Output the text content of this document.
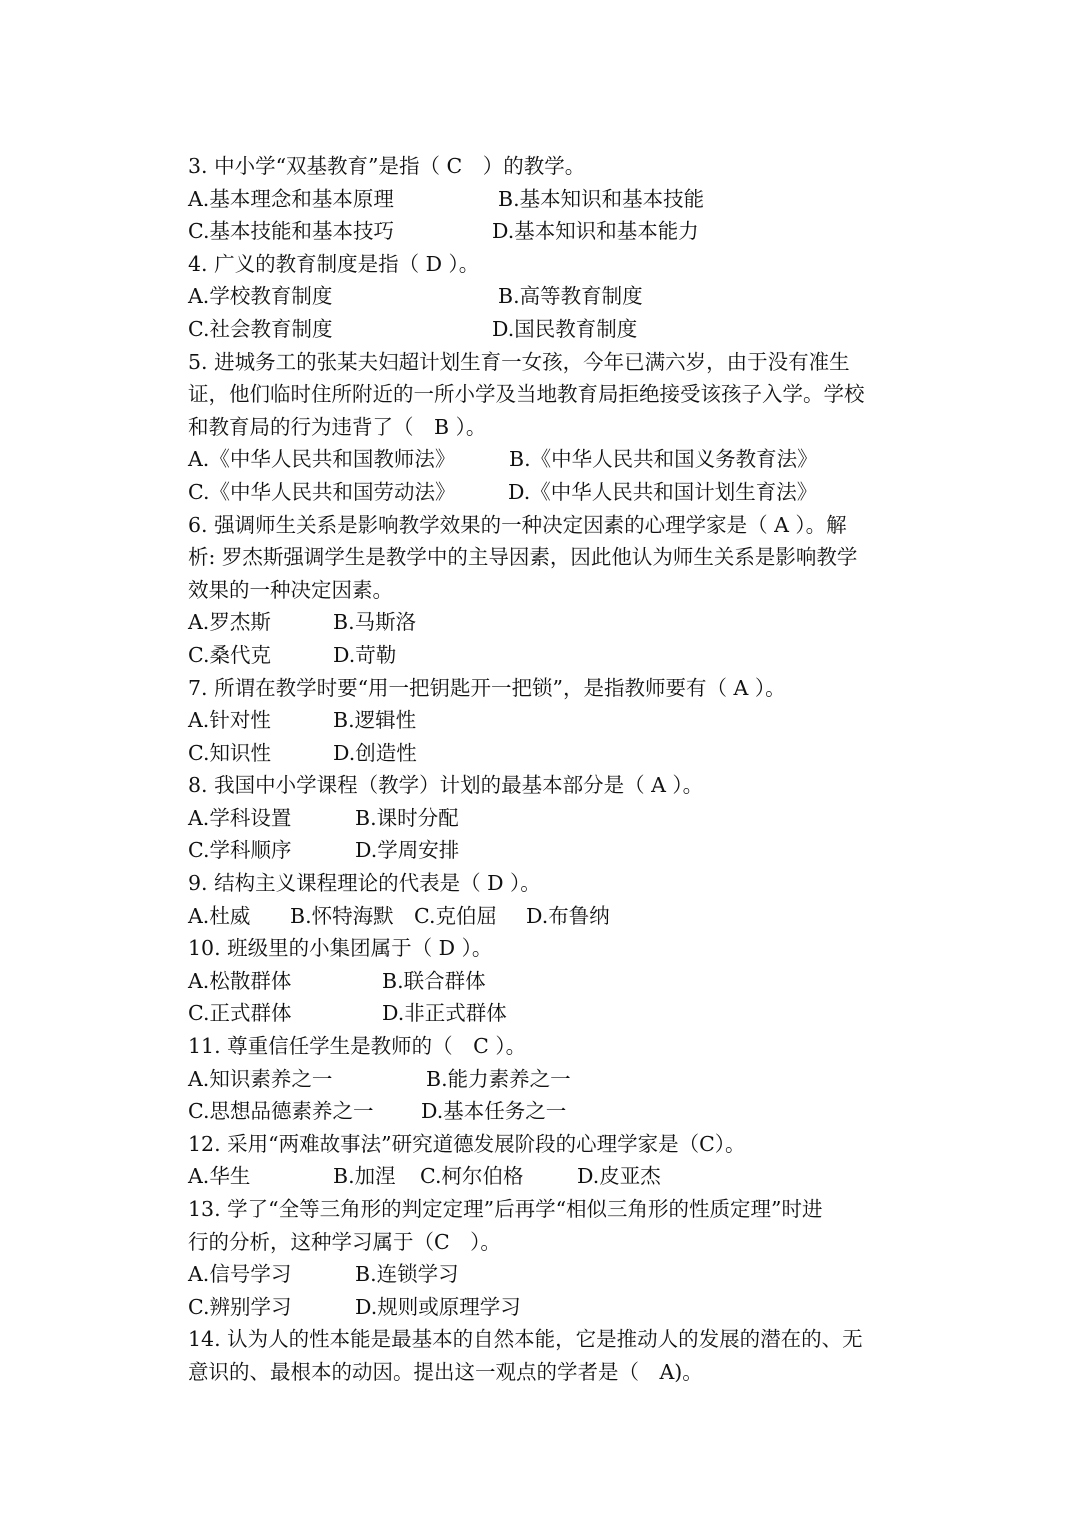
3. 中小学“双基教育”是指（ C　）的教学。
A.基本理念和基本原理	B.基本知识和基本技能
C.基本技能和基本技巧	D.基本知识和基本能力
4. 广义的教育制度是指（ D ）。
A.学校教育制度	B.高等教育制度
C.社会教育制度	D.国民教育制度
5. 进城务工的张某夫妇超计划生育一女孩，今年已满六岁，由于没有准生
证，他们临时住所附近的一所小学及当地教育局拒绝接受该孩子入学。学校
和教育局的行为违背了（　B ）。
A.《中华人民共和国教师法》	B.《中华人民共和国义务教育法》
C.《中华人民共和国劳动法》	D.《中华人民共和国计划生育法》
6. 强调师生关系是影响教学效果的一种决定因素的心理学家是（ A ）。解
析: 罗杰斯强调学生是教学中的主导因素，因此他认为师生关系是影响教学
效果的一种决定因素。
A.罗杰斯	B.马斯洛
C.桑代克	D.苛勒
7. 所谓在教学时要“用一把钥匙开一把锁”，是指教师要有（ A ）。
A.针对性	B.逻辑性
C.知识性	D.创造性
8. 我国中小学课程（教学）计划的最基本部分是（ A ）。
A.学科设置	B.课时分配
C.学科顺序	D.学周安排
9. 结构主义课程理论的代表是（ D ）。
A.杜威 B.怀特海默 C.克伯屈 D.布鲁纳
10. 班级里的小集团属于（ D ）。
A.松散群体	B.联合群体
C.正式群体	D.非正式群体
11. 尊重信任学生是教师的（　C ）。
A.知识素养之一	B.能力素养之一
C.思想品德素养之一 D.基本任务之一
12. 采用“两难故事法”研究道德发展阶段的心理学家是（C）。
A.华生	B.加涅 C.柯尔伯格	D.皮亚杰
13. 学了“全等三角形的判定定理”后再学“相似三角形的性质定理”时进
行的分析，这种学习属于（C　）。
A.信号学习	B.连锁学习
C.辨别学习	D.规则或原理学习
14. 认为人的性本能是最基本的自然本能，它是推动人的发展的潜在的、无
意识的、最根本的动因。提出这一观点的学者是（　A)。
